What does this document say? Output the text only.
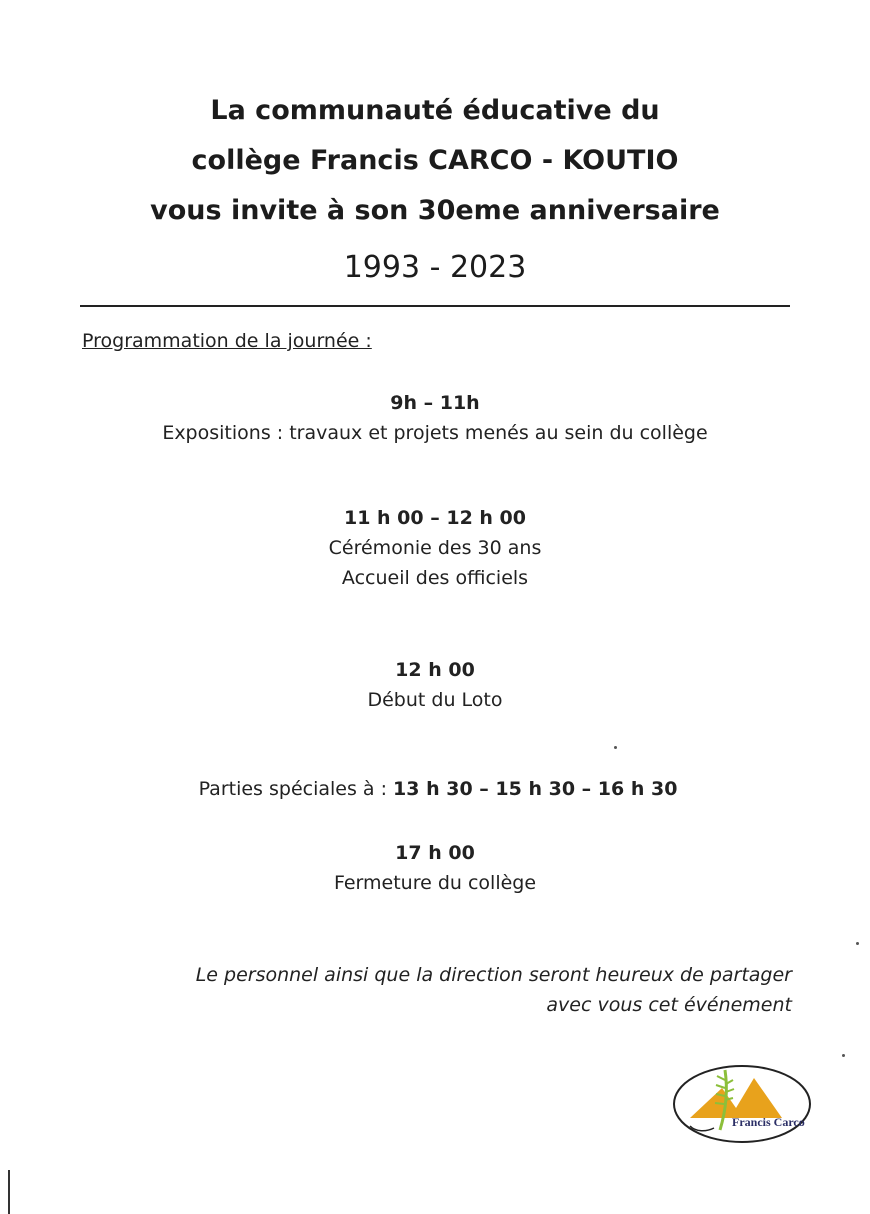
La communauté éducative du
collège Francis CARCO - KOUTIO
vous invite à son 30eme anniversaire
1993 - 2023
Programmation de la journée :
9h – 11h
Expositions : travaux et projets menés au sein du collège
11 h 00 – 12 h 00
Cérémonie des 30 ans
Accueil des officiels
12 h 00
Début du Loto
Parties spéciales à : 13 h 30 – 15 h 30 – 16 h 30
17 h 00
Fermeture du collège
Le personnel ainsi que la direction seront heureux de partager
avec vous cet événement
Francis Carco
